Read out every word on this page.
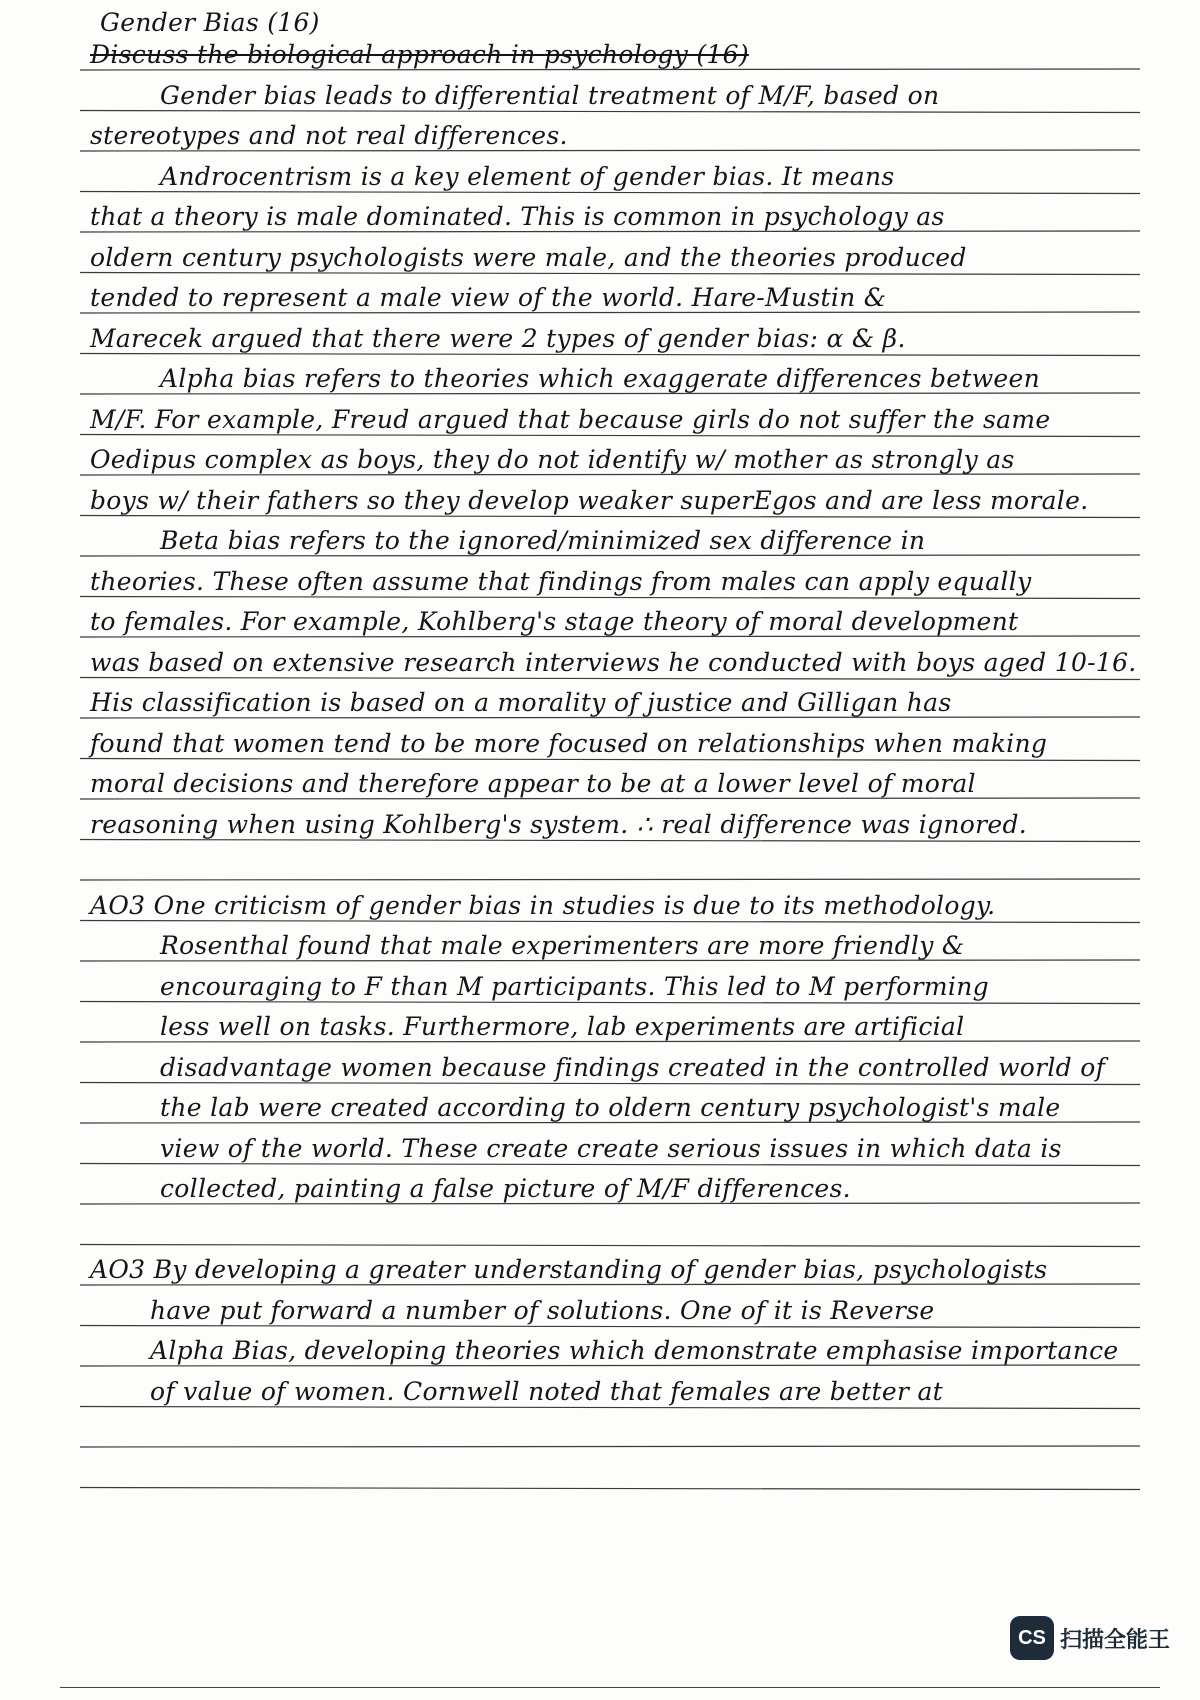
Gender Bias (16)
Discuss the biological approach in psychology (16)
Gender bias leads to differential treatment of M/F, based on
stereotypes and not real differences.
Androcentrism is a key element of gender bias. It means
that a theory is male dominated. This is common in psychology as
oldern century psychologists were male, and the theories produced
tended to represent a male view of the world. Hare-Mustin &
Marecek argued that there were 2 types of gender bias: α & β.
Alpha bias refers to theories which exaggerate differences between
M/F. For example, Freud argued that because girls do not suffer the same
Oedipus complex as boys, they do not identify w/ mother as strongly as
boys w/ their fathers so they develop weaker superEgos and are less morale.
Beta bias refers to the ignored/minimized sex difference in
theories. These often assume that findings from males can apply equally
to females. For example, Kohlberg's stage theory of moral development
was based on extensive research interviews he conducted with boys aged 10-16.
His classification is based on a morality of justice and Gilligan has
found that women tend to be more focused on relationships when making
moral decisions and therefore appear to be at a lower level of moral
reasoning when using Kohlberg's system. ∴ real difference was ignored.
AO3 One criticism of gender bias in studies is due to its methodology.
Rosenthal found that male experimenters are more friendly &
encouraging to F than M participants. This led to M performing
less well on tasks. Furthermore, lab experiments are artificial
disadvantage women because findings created in the controlled world of
the lab were created according to oldern century psychologist's male
view of the world. These create create serious issues in which data is
collected, painting a false picture of M/F differences.
AO3 By developing a greater understanding of gender bias, psychologists
have put forward a number of solutions. One of it is Reverse
Alpha Bias, developing theories which demonstrate emphasise importance
of value of women. Cornwell noted that females are better at
CS 扫描全能王
